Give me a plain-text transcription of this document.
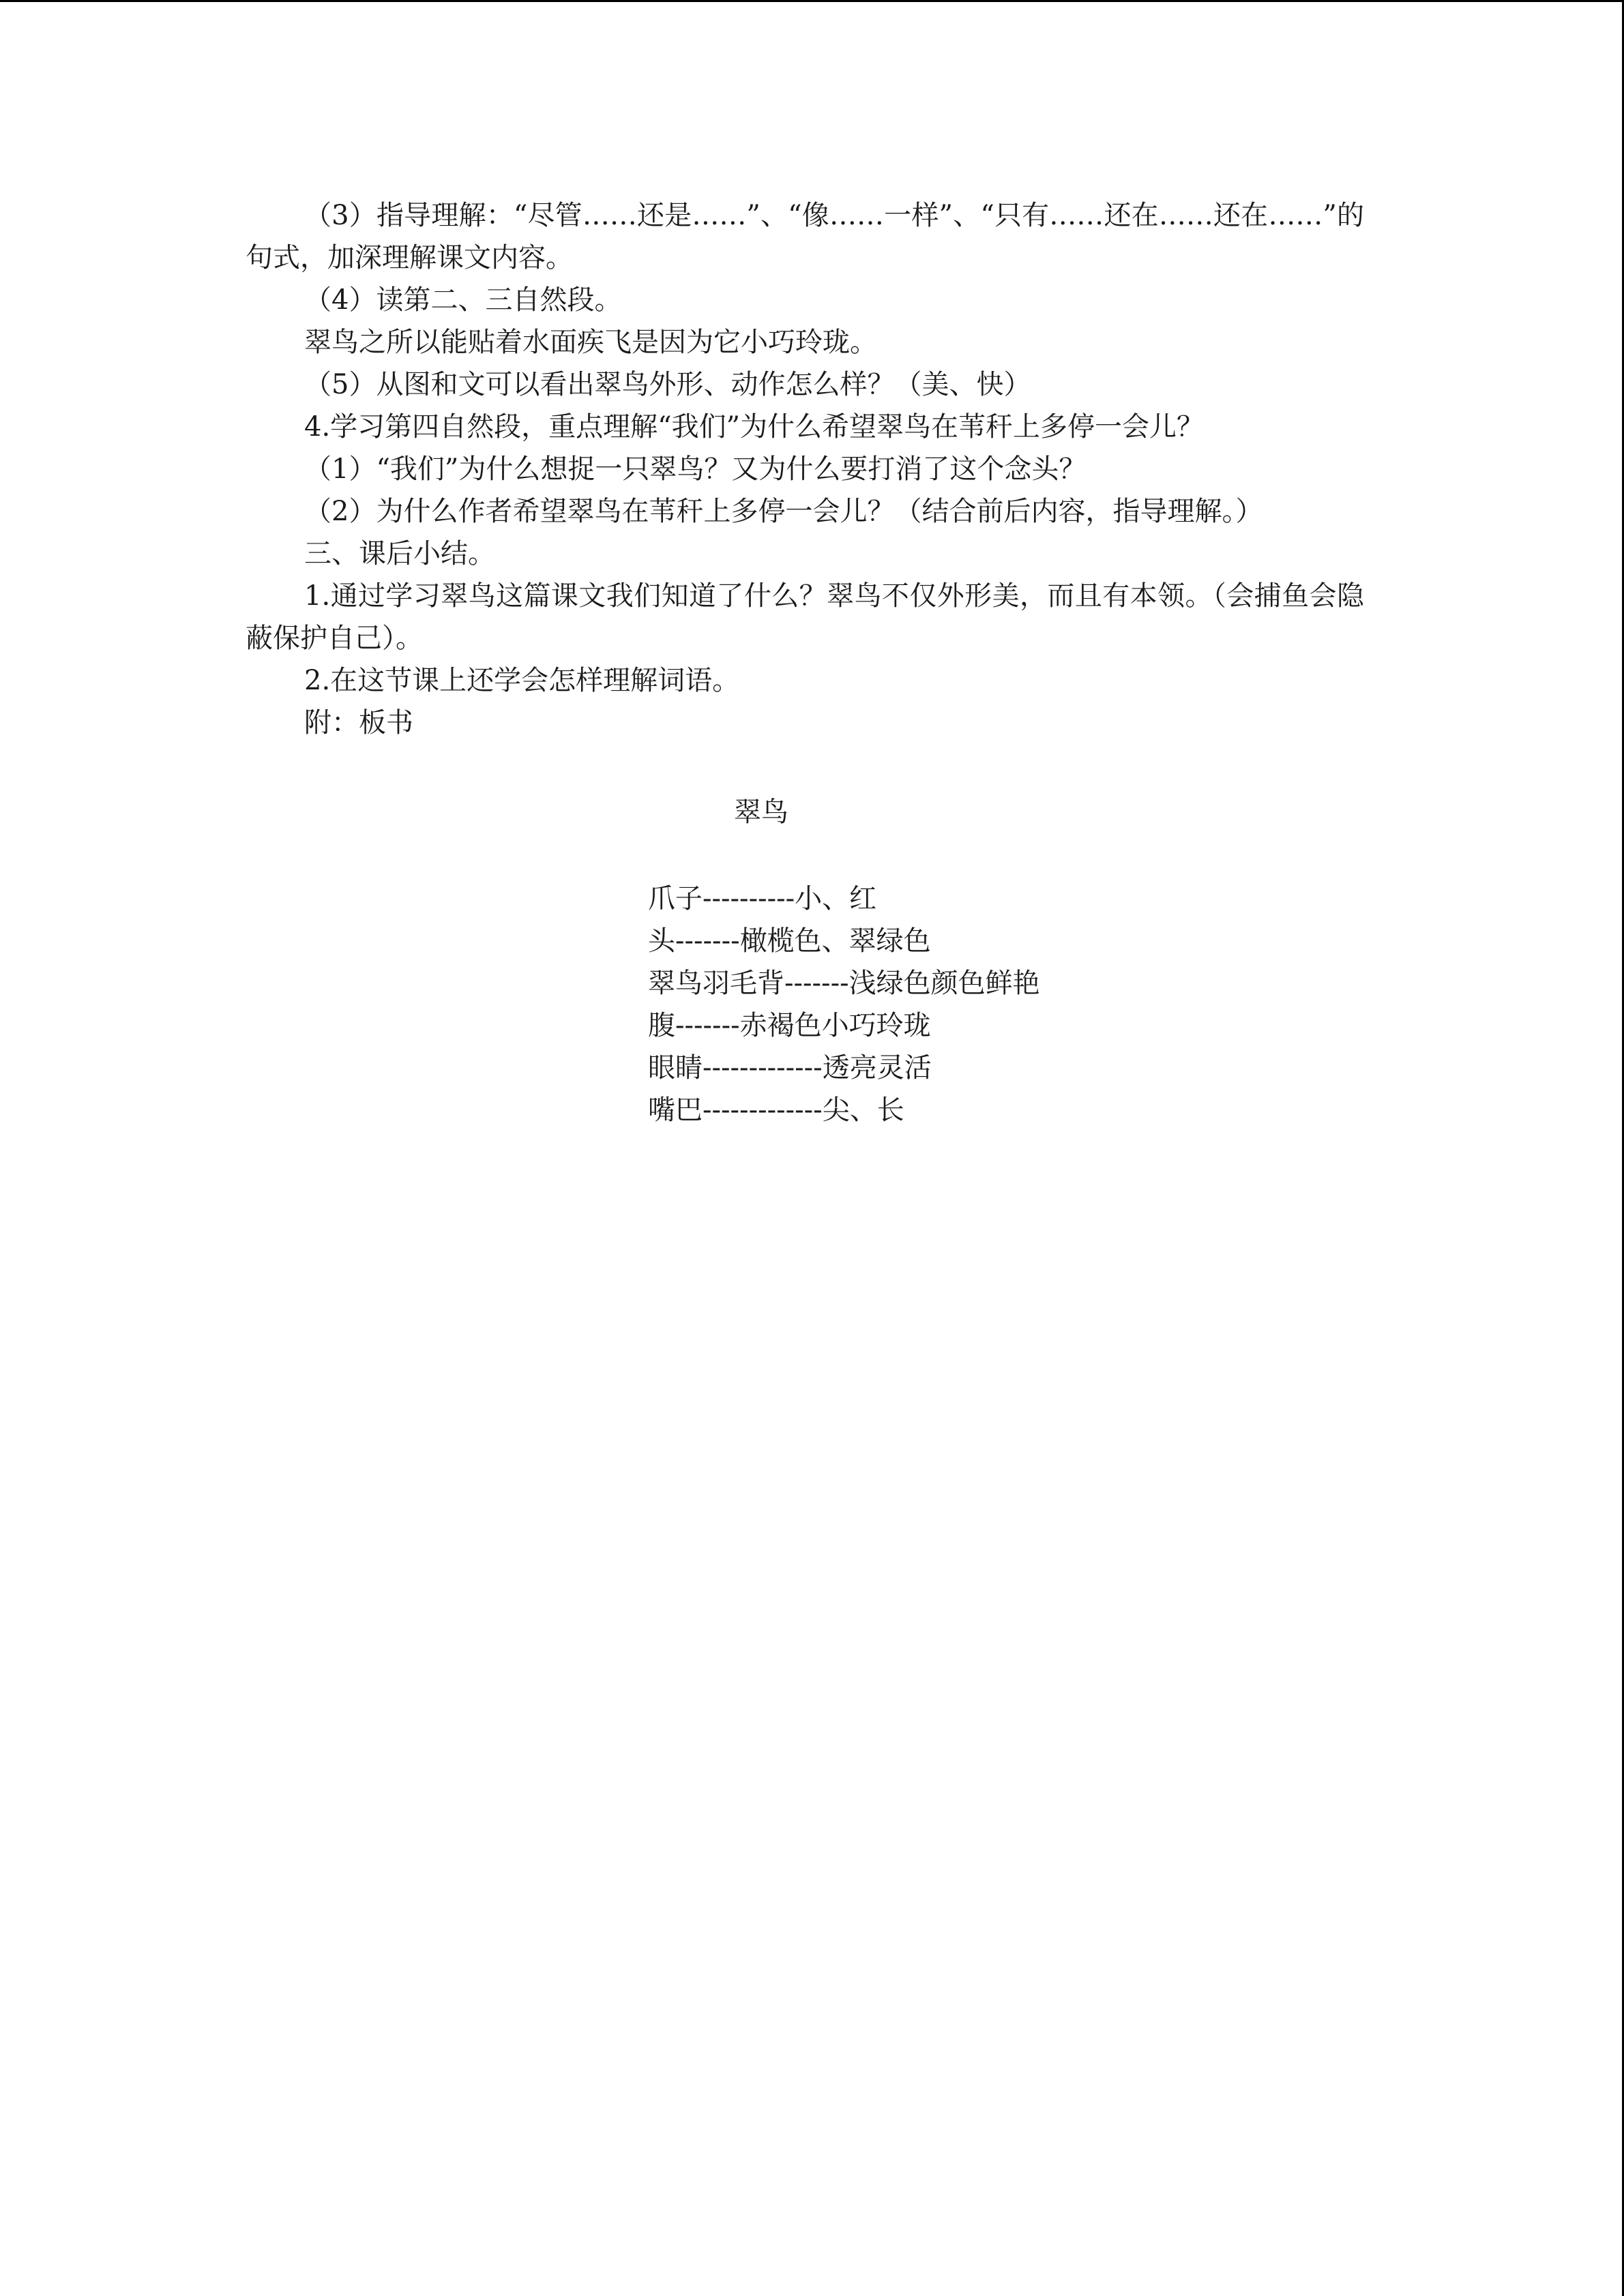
（3）指导理解：“尽管……还是……”、“像……一样”、“只有……还在……还在……”的句式，加深理解课文内容。

（4）读第二、三自然段。

翠鸟之所以能贴着水面疾飞是因为它小巧玲珑。

（5）从图和文可以看出翠鸟外形、动作怎么样？（美、快）

4.学习第四自然段，重点理解“我们”为什么希望翠鸟在苇秆上多停一会儿？

（1）“我们”为什么想捉一只翠鸟？又为什么要打消了这个念头？

（2）为什么作者希望翠鸟在苇秆上多停一会儿？（结合前后内容，指导理解。）

三、课后小结。

1.通过学习翠鸟这篇课文我们知道了什么？翠鸟不仅外形美，而且有本领。（会捕鱼会隐蔽保护自己）。

2.在这节课上还学会怎样理解词语。

附：板书

翠鸟

爪子----------小、红

头-------橄榄色、翠绿色

翠鸟羽毛背-------浅绿色颜色鲜艳

腹-------赤褐色小巧玲珑

眼睛-------------透亮灵活

嘴巴-------------尖、长
